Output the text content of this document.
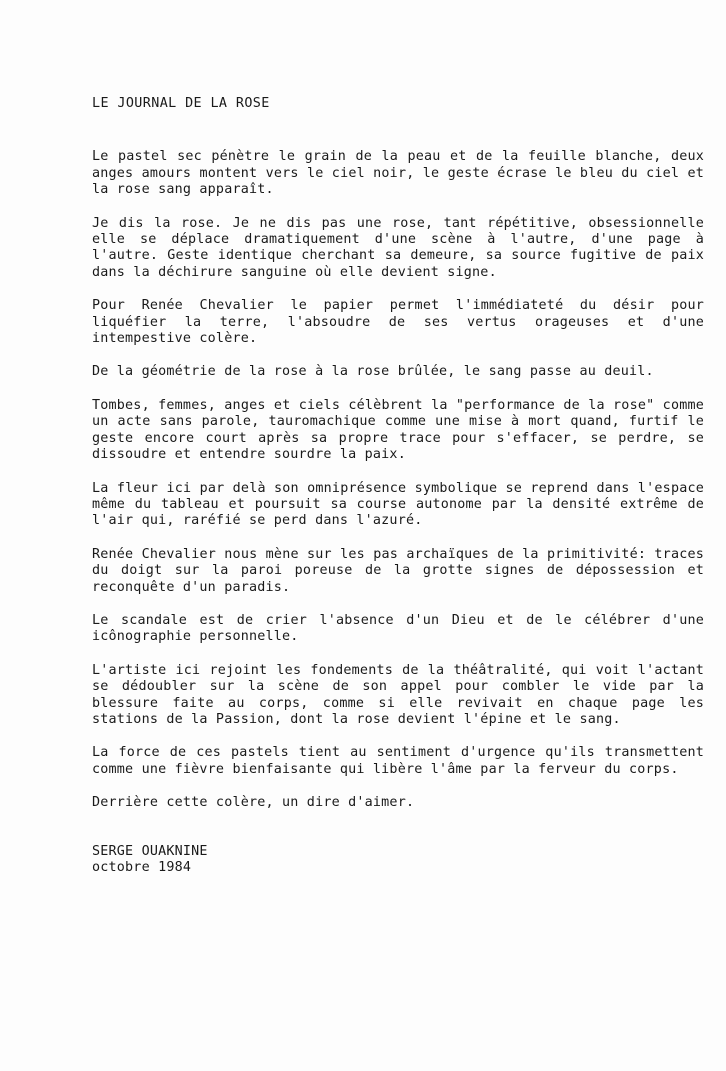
LE JOURNAL DE LA ROSE
Le pastel sec pénètre le grain de la peau et de la feuille blanche, deux anges amours montent vers le ciel noir, le geste écrase le bleu du ciel et la rose sang apparaît.
Je dis la rose. Je ne dis pas une rose, tant répétitive, obsessionnelle elle se déplace dramatiquement d'une scène à l'autre, d'une page à l'autre. Geste identique cherchant sa demeure, sa source fugitive de paix dans la déchirure sanguine où elle devient signe.
Pour Renée Chevalier le papier permet l'immédiateté du désir pour liquéfier la terre, l'absoudre de ses vertus orageuses et d'une intempestive colère.
De la géométrie de la rose à la rose brûlée, le sang passe au deuil.
Tombes, femmes, anges et ciels célèbrent la "performance de la rose" comme un acte sans parole, tauromachique comme une mise à mort quand, furtif le geste encore court après sa propre trace pour s'effacer, se perdre, se dissoudre et entendre sourdre la paix.
La fleur ici par delà son omniprésence symbolique se reprend dans l'espace même du tableau et poursuit sa course autonome par la densité extrême de l'air qui, raréfié se perd dans l'azuré.
Renée Chevalier nous mène sur les pas archaïques de la primitivité: traces du doigt sur la paroi poreuse de la grotte signes de dépossession et reconquête d'un paradis.
Le scandale est de crier l'absence d'un Dieu et de le célébrer d'une icônographie personnelle.
L'artiste ici rejoint les fondements de la théâtralité, qui voit l'actant se dédoubler sur la scène de son appel pour combler le vide par la blessure faite au corps, comme si elle revivait en chaque page les stations de la Passion, dont la rose devient l'épine et le sang.
La force de ces pastels tient au sentiment d'urgence qu'ils transmettent comme une fièvre bienfaisante qui libère l'âme par la ferveur du corps.
Derrière cette colère, un dire d'aimer.
SERGE OUAKNINE
octobre 1984
